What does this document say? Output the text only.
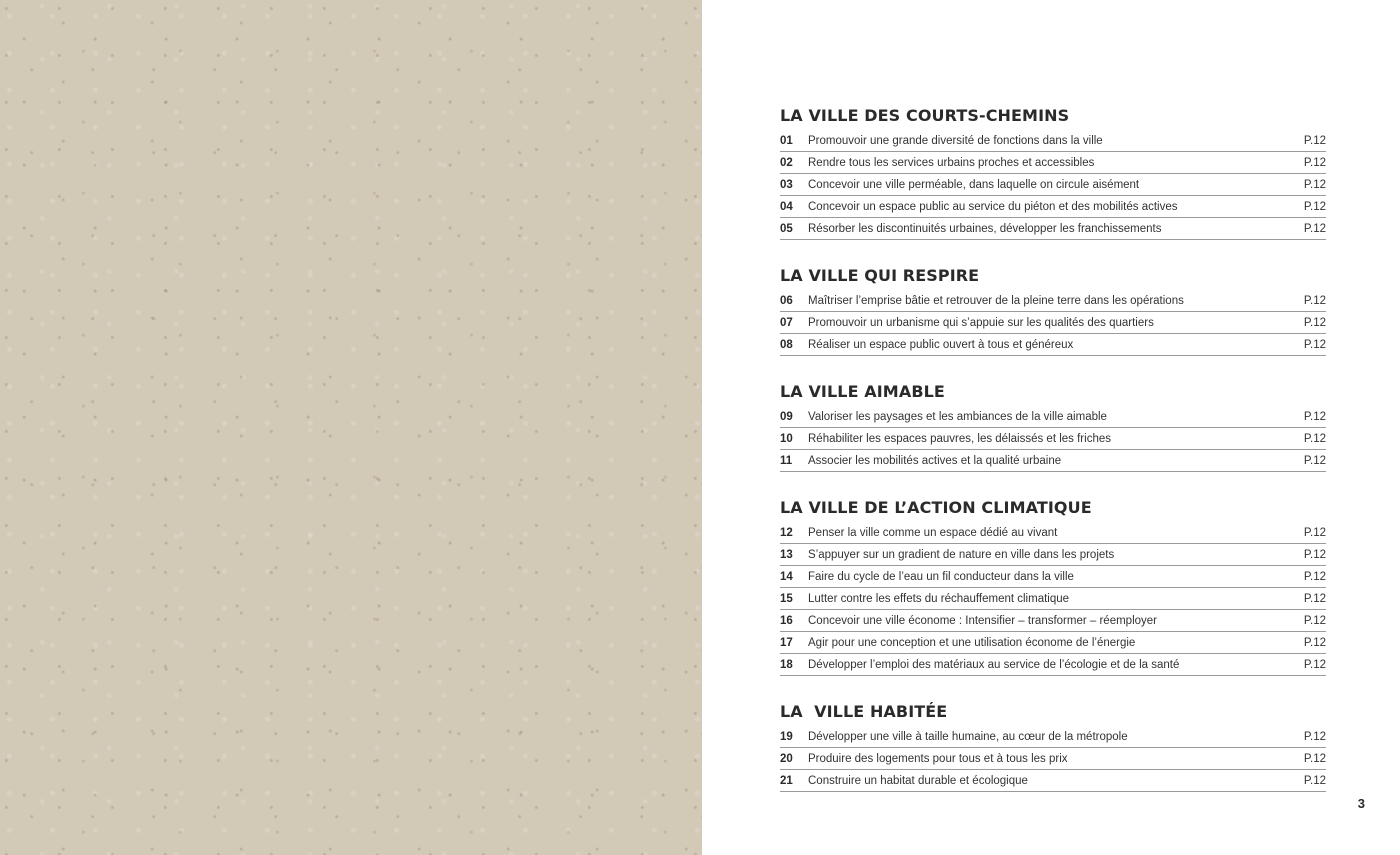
LA VILLE DES COURTS-CHEMINS
01	Promouvoir une grande diversité de fonctions dans la ville	P.12
02	Rendre tous les services urbains proches et accessibles	P.12
03	Concevoir une ville perméable, dans laquelle on circule aisément	P.12
04	Concevoir un espace public au service du piéton et des mobilités actives	P.12
05	Résorber les discontinuités urbaines, développer les franchissements	P.12
LA VILLE QUI RESPIRE
06	Maîtriser l’emprise bâtie et retrouver de la pleine terre dans les opérations	P.12
07	Promouvoir un urbanisme qui s’appuie sur les qualités des quartiers	P.12
08	Réaliser un espace public ouvert à tous et généreux	P.12
LA VILLE AIMABLE
09	Valoriser les paysages et les ambiances de la ville aimable	P.12
10	Réhabiliter les espaces pauvres, les délaissés et les friches	P.12
11	Associer les mobilités actives et la qualité urbaine	P.12
LA VILLE DE L’ACTION CLIMATIQUE
12	Penser la ville comme un espace dédié au vivant	P.12
13	S’appuyer sur un gradient de nature en ville dans les projets	P.12
14	Faire du cycle de l’eau un fil conducteur dans la ville	P.12
15	Lutter contre les effets du réchauffement climatique	P.12
16	Concevoir une ville économe : Intensifier – transformer – réemployer	P.12
17	Agir pour une conception et une utilisation économe de l’énergie	P.12
18	Développer l’emploi des matériaux au service de l’écologie et de la santé	P.12
LA  VILLE HABITÉE
19	Développer une ville à taille humaine, au cœur de la métropole	P.12
20	Produire des logements pour tous et à tous les prix	P.12
21	Construire un habitat durable et écologique	P.12
3
